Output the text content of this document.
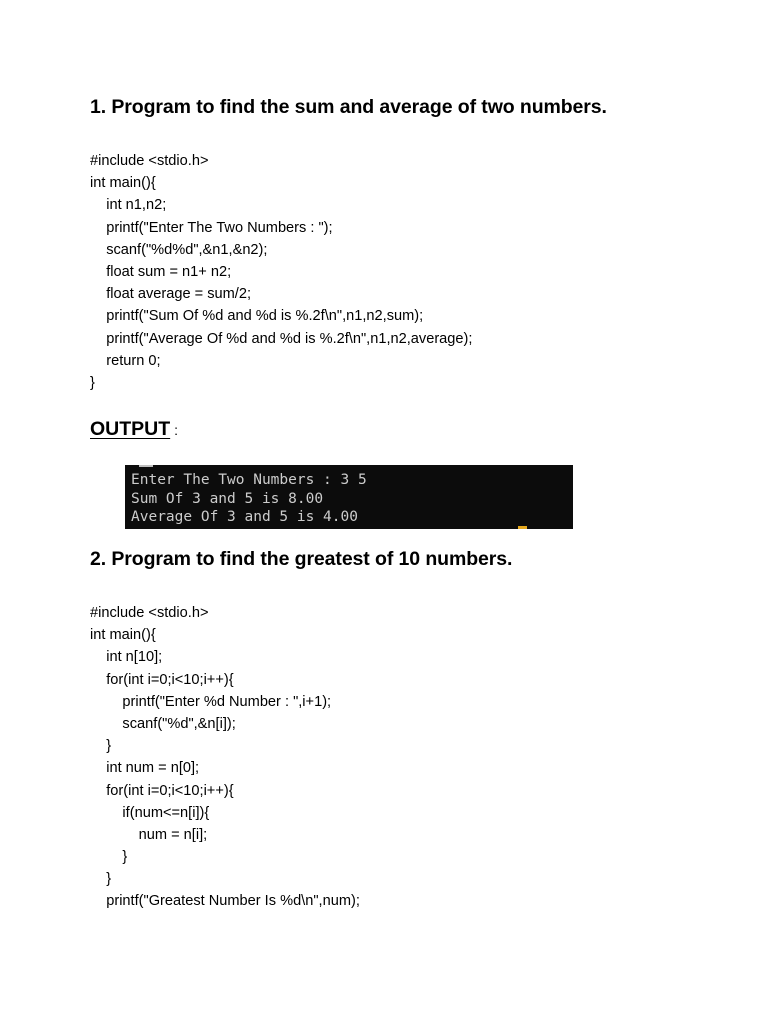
1. Program to find the sum and average of two numbers.
#include <stdio.h>
int main(){
int n1,n2;
printf("Enter The Two Numbers : ");
scanf("%d%d",&n1,&n2);
float sum = n1+ n2;
float average = sum/2;
printf("Sum Of %d and %d is %.2f\n",n1,n2,sum);
printf("Average Of %d and %d is %.2f\n",n1,n2,average);
return 0;
}
OUTPUT :
Enter The Two Numbers : 3 5
Sum Of 3 and 5 is 8.00
Average Of 3 and 5 is 4.00
2. Program to find the greatest of 10 numbers.
#include <stdio.h>
int main(){
int n[10];
for(int i=0;i<10;i++){
printf("Enter %d Number : ",i+1);
scanf("%d",&n[i]);
}
int num = n[0];
for(int i=0;i<10;i++){
if(num<=n[i]){
num = n[i];
}
}
printf("Greatest Number Is %d\n",num);
